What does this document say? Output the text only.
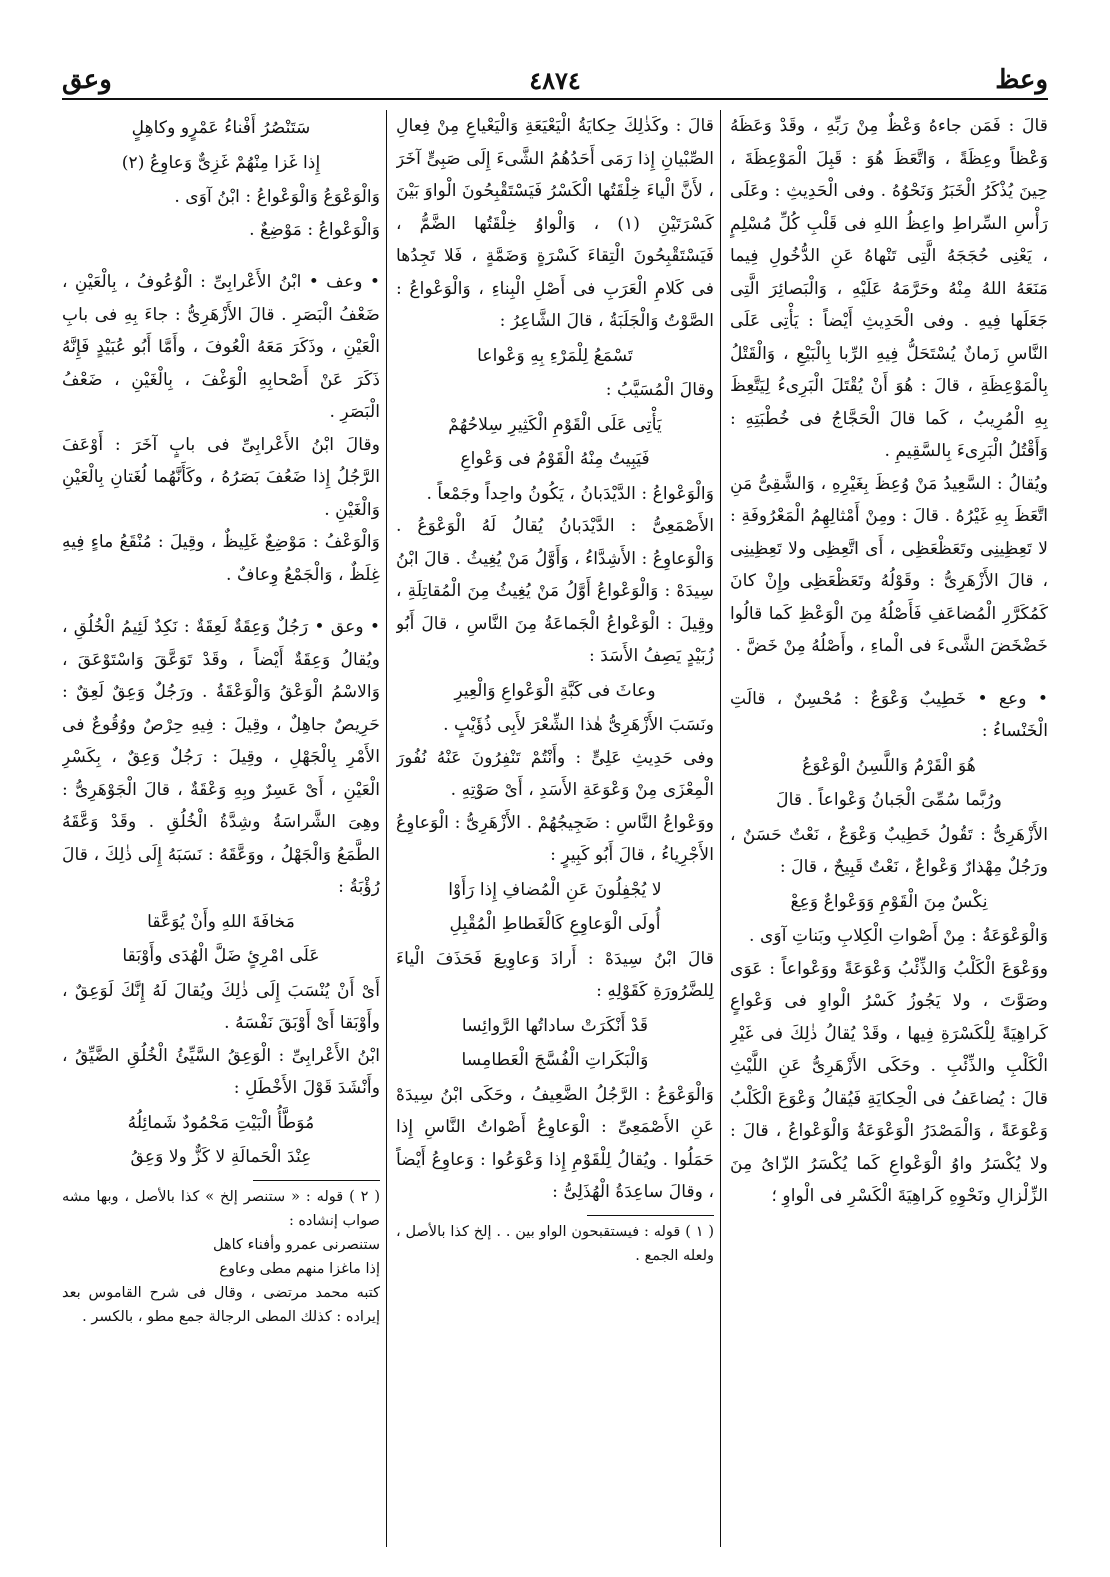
وعظ
٤٨٧٤
وعق

قالَ : فَمَن جاءهُ وَعْظٌ مِنْ رَبِّهِ ، وقَدْ وَعَظَهُ وَعْظاً وعِظَةً ، وَاتَّعَظَ هُوَ : قَبِلَ الْمَوْعِظَةَ ، حِينَ يُذْكَرُ الْخَبَرُ وَنَحْوُهُ . وفى الْحَدِيثِ : وعَلَى رَأْسِ السِّراطِ واعِظُ اللهِ فى قَلْبِ كُلِّ مُسْلِمٍ ، يَعْنِى حُجَجَهُ الَّتِى تَنْهاهُ عَنِ الدُّخُولِ فِيما مَنَعَهُ اللهُ مِنْهُ وحَرَّمَهُ عَلَيْهِ ، وَالْبَصائِرَ الَّتِى جَعَلَها فِيهِ . وفى الْحَدِيثِ أَيْضاً : يَأْتِى عَلَى النَّاسِ زَمانٌ يُسْتَحَلُّ فِيهِ الرِّبا بِالْبَيْعِ ، وَالْقَتْلُ بِالْمَوْعِظَةِ ، قالَ : هُوَ أَنْ يُقْتَلَ الْبَرِىءُ لِيَتَّعِظَ بِهِ الْمُرِيبُ ، كَما قالَ الْحَجَّاجُ فى خُطْبَتِهِ : وَأَقْتُلُ الْبَرِىءَ بِالسَّقِيمِ .

ويُقالُ : السَّعِيدُ مَنْ وُعِظَ بِغَيْرِهِ ، وَالشَّقِىُّ مَنِ اتَّعَظَ بِهِ غَيْرُهُ . قالَ : ومِنْ أَمْثالِهِمُ الْمَعْرُوفَةِ : لا تَعِظِينِى وتَعَظْعَظِى ، أَى اتَّعِظِى ولا تَعِظِينِى ، قالَ الأَزْهَرِىُّ : وقَوْلُهُ وتَعَظْعَظِى وإِنْ كانَ كَمُكَرَّرِ الْمُضاعَفِ فَأَصْلُهُ مِنَ الْوَعْظِ كَما قالُوا خَضْخَضَ الشَّىءَ فى الْماءِ ، وأَصْلُهُ مِنْ خَضَّ .

• وعع • خَطِيبٌ وَعْوَعٌ : مُحْسِنٌ ، قالَتِ الْخَنْساءُ :

هُوَ الْقَرْمُ وَاللَّسِنُ الْوَعْوَعُ

ورُبَّما سُمِّىَ الْجَبانُ وَعْواعاً . قالَ

الأَزْهَرِىُّ : تَقُولُ خَطِيبٌ وَعْوَعٌ ، نَعْتٌ حَسَنٌ ، ورَجُلٌ مِهْذارٌ وَعْواعٌ ، نَعْتٌ قَبِيحٌ ، قالَ :

نِكْسٌ مِنَ الْقَوْمِ وَوَعْواعٌ وَعِعْ

وَالْوَعْوَعَةُ : مِنْ أَصْواتِ الْكِلابِ وبَناتِ آوَى .

ووَعْوَعَ الْكَلْبُ وَالذِّئْبُ وَعْوَعَةً ووَعْواعاً : عَوَى وصَوَّتَ ، ولا يَجُوزُ كَسْرُ الْواوِ فى وَعْواعٍ كَراهِيَةً لِلْكَسْرَةِ فِيها ، وقَدْ يُقالُ ذٰلِكَ فى غَيْرِ الْكَلْبِ والذِّئْبِ . وحَكَى الأَزْهَرِىُّ عَنِ اللَّيْثِ قالَ : يُضاعَفُ فى الْحِكايَةِ فَيُقالُ وَعْوَعَ الْكَلْبُ وَعْوَعَةً ، وَالْمَصْدَرُ الْوَعْوَعَةُ وَالْوَعْواعُ ، قالَ : ولا يُكْسَرُ واوُ الْوَعْواعِ كَما يُكْسَرُ الزّاىُ مِنَ الزِّلْزالِ ونَحْوِهِ كَراهِيَةَ الْكَسْرِ فى الْواوِ ؛

قالَ : وكَذٰلِكَ حِكايَةُ الْيَعْيَعَةِ وَالْيَعْياعِ مِنْ فِعالِ الصِّبْيانِ إِذا رَمَى أَحَدُهُمُ الشَّىءَ إِلَى صَبِىٍّ آخَرَ ، لأَنَّ الْياءَ خِلْقَتُها الْكَسْرُ فَيَسْتَقْبِحُونَ الْواوَ بَيْنَ كَسْرَتَيْنِ (١) ، وَالْواوُ خِلْقَتُها الضَّمُّ ، فَيَسْتَقْبِحُونَ الْتِقاءَ كَسْرَةٍ وَضَمَّةٍ ، فَلا تَجِدُها فى كَلامِ الْعَرَبِ فى أَصْلِ الْبِناءِ ، وَالْوَعْواعُ : الصَّوْتُ وَالْجَلَبَةُ ، قالَ الشَّاعِرُ :

تَسْمَعُ لِلْمَرْءِ بِهِ وَعْواعا

وقالَ الْمُسَيَّبُ :

يَأْتِى عَلَى الْقَوْمِ الْكَثِيرِ سِلاحُهُمْ

فَيَبِيتُ مِنْهُ الْقَوْمُ فى وَعْواعِ

وَالْوَعْواعُ : الدَّيْدَبانُ ، يَكُونُ واحِداً وجَمْعاً .

الأَصْمَعِىُّ : الدَّيْدَبانُ يُقالُ لَهُ الْوَعْوَعُ . وَالْوَعاوِعُ : الأَشِدَّاءُ ، وَأَوَّلُ مَنْ يُغِيثُ . قالَ ابْنُ سِيدَهْ : وَالْوَعْواعُ أَوَّلُ مَنْ يُغِيثُ مِنَ الْمُقاتِلَةِ ، وقِيلَ : الْوَعْواعُ الْجَماعَةُ مِنَ النَّاسِ ، قالَ أَبُو زُبَيْدٍ يَصِفُ الأَسَدَ :

وعاثَ فى كَبَّةِ الْوَعْواعِ وَالْعِيرِ

ونَسَبَ الأَزْهَرِىُّ هٰذا الشِّعْرَ لأَبِى ذُؤَيْبٍ .

وفى حَدِيثِ عَلِىٍّ : وأَنْتُمْ تَنْفِرُونَ عَنْهُ نُفُورَ الْمِعْزَى مِنْ وَعْوَعَةِ الأَسَدِ ، أَىْ صَوْتِهِ .

ووَعْواعُ النَّاسِ : ضَجِيجُهُمْ . الأَزْهَرِىُّ : الْوَعاوِعُ الأَجْرِياءُ ، قالَ أَبُو كَبِيرٍ :

لا يُجْفِلُونَ عَنِ الْمُضافِ إِذا رَأَوْا

أُولَى الْوَعاوِعِ كَالْغَطاطِ الْمُقْبِلِ

قالَ ابْنُ سِيدَهْ : أَرادَ وَعاوِيعَ فَحَذَفَ الْياءَ لِلضَّرُورَةِ كَقَوْلِهِ :

قَدْ أَنْكَرَتْ ساداتُها الرَّوائِسا

وَالْبَكَراتِ الْفُسَّجَ الْعَطامِسا

وَالْوَعْوَعُ : الرَّجُلُ الضَّعِيفُ ، وحَكَى ابْنُ سِيدَهْ عَنِ الأَصْمَعِىِّ : الْوَعاوِعُ أَصْواتُ النَّاسِ إِذا حَمَلُوا . ويُقالُ لِلْقَوْمِ إِذا وَعْوَعُوا : وَعاوِعُ أَيْضاً ، وقالَ ساعِدَةُ الْهُذَلِىُّ :

( ١ ) قوله : فيستقبحون الواو بين . . إلخ كذا بالأصل ، ولعله الجمع .

سَتَنْصُرُ أَفْناءُ عَمْرٍو وكاهِلٍ

إِذا غَزا مِنْهُمْ غَزِىٌّ وَعاوِعُ (٢)

وَالْوَعْوَعُ وَالْوَعْواعُ : ابْنُ آوَى .

وَالْوَعْواعُ : مَوْضِعٌ .

• وعف • ابْنُ الأَعْرابِىِّ : الْوُعُوفُ ، بِالْعَيْنِ ، ضَعْفُ الْبَصَرِ . قالَ الأَزْهَرِىُّ : جاءَ بِهِ فى بابِ الْعَيْنِ ، وذَكَرَ مَعَهُ الْعُوفَ ، وأَمَّا أَبُو عُبَيْدٍ فَإِنَّهُ ذَكَرَ عَنْ أَصْحابِهِ الْوَغْفَ ، بِالْغَيْنِ ، ضَعْفُ الْبَصَرِ .

وقالَ ابْنُ الأَعْرابِىِّ فى بابٍ آخَرَ : أَوْعَفَ الرَّجُلُ إِذا ضَعُفَ بَصَرُهُ ، وكَأَنَّهُما لُغَتانِ بِالْعَيْنِ وَالْغَيْنِ .

وَالْوَعْفُ : مَوْضِعٌ غَلِيظٌ ، وقِيلَ : مُنْقَعُ ماءٍ فِيهِ غِلَظٌ ، وَالْجَمْعُ وِعافٌ .

• وعق • رَجُلٌ وَعِقَةٌ لَعِقَةٌ : نَكِدٌ لَئِيمُ الْخُلُقِ ، ويُقالُ وَعِقَةٌ أَيْضاً ، وقَدْ تَوَعَّقَ وَاسْتَوْعَقَ ، وَالاسْمُ الْوَعْقُ وَالْوَعْقَةُ . ورَجُلٌ وَعِقٌ لَعِقٌ : حَرِيصٌ جاهِلٌ ، وقِيلَ : فِيهِ حِرْصٌ ووُقُوعٌ فى الأَمْرِ بِالْجَهْلِ ، وقِيلَ : رَجُلٌ وَعِقٌ ، بِكَسْرِ الْعَيْنِ ، أَىْ عَسِرٌ وبِهِ وَعْقَةٌ ، قالَ الْجَوْهَرِىُّ : وهِىَ الشَّراسَةُ وشِدَّةُ الْخُلُقِ . وقَدْ وَعَّقَهُ الطَّمَعُ وَالْجَهْلُ ، ووَعَّقَهُ : نَسَبَهُ إِلَى ذٰلِكَ ، قالَ رُؤْبَةُ :

مَخافَةَ اللهِ وأَنْ يُوَعَّقا

عَلَى امْرِئٍ ضَلَّ الْهُدَى وأَوْبَقا

أَىْ أَنْ يُنْسَبَ إِلَى ذٰلِكَ ويُقالَ لَهُ إِنَّكَ لَوَعِقٌ ، وأَوْبَقا أَىْ أَوْبَقَ نَفْسَهُ .

ابْنُ الأَعْرابِىِّ : الْوَعِقُ السَّيِّئُ الْخُلُقِ الضَّيِّقُ ، وأَنْشَدَ قَوْلَ الأَخْطَلِ :

مُوَطَّأُ الْبَيْتِ مَحْمُودٌ شَمائِلُهُ

عِنْدَ الْحَمالَةِ لا كَزٌّ ولا وَعِقُ

( ٢ ) قوله : « ستنصر إلخ » كذا بالأصل ، وبها مشه صواب إنشاده :

ستنصرنى عمرو وأفناء كاهل

إذا ماغزا منهم مطى وعاوع

كتبه محمد مرتضى ، وقال فى شرح القاموس بعد إيراده : كذلك المطى الرجالة جمع مطو ، بالكسر .
